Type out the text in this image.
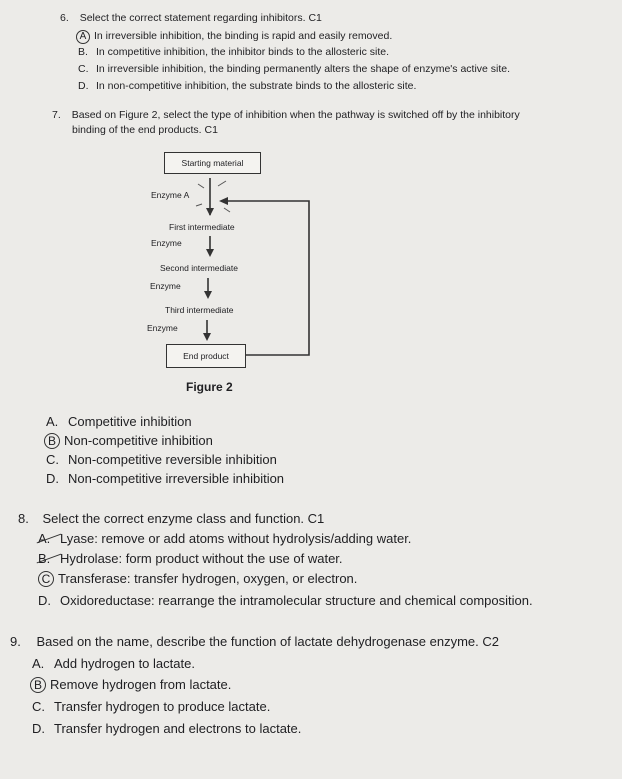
6. Select the correct statement regarding inhibitors. C1
A In irreversible inhibition, the binding is rapid and easily removed.
B. In competitive inhibition, the inhibitor binds to the allosteric site.
C. In irreversible inhibition, the binding permanently alters the shape of enzyme's active site.
D. In non-competitive inhibition, the substrate binds to the allosteric site.
7. Based on Figure 2, select the type of inhibition when the pathway is switched off by the inhibitory
binding of the end products. C1
Starting material
Enzyme A
First intermediate
Enzyme
Second intermediate
Enzyme
Third intermediate
Enzyme
End product
Figure 2
A. Competitive inhibition
B Non-competitive inhibition
C. Non-competitive reversible inhibition
D. Non-competitive irreversible inhibition
8. Select the correct enzyme class and function. C1
A. Lyase: remove or add atoms without hydrolysis/adding water.
B. Hydrolase: form product without the use of water.
C Transferase: transfer hydrogen, oxygen, or electron.
D. Oxidoreductase: rearrange the intramolecular structure and chemical composition.
9. Based on the name, describe the function of lactate dehydrogenase enzyme. C2
A. Add hydrogen to lactate.
B Remove hydrogen from lactate.
C. Transfer hydrogen to produce lactate.
D. Transfer hydrogen and electrons to lactate.
